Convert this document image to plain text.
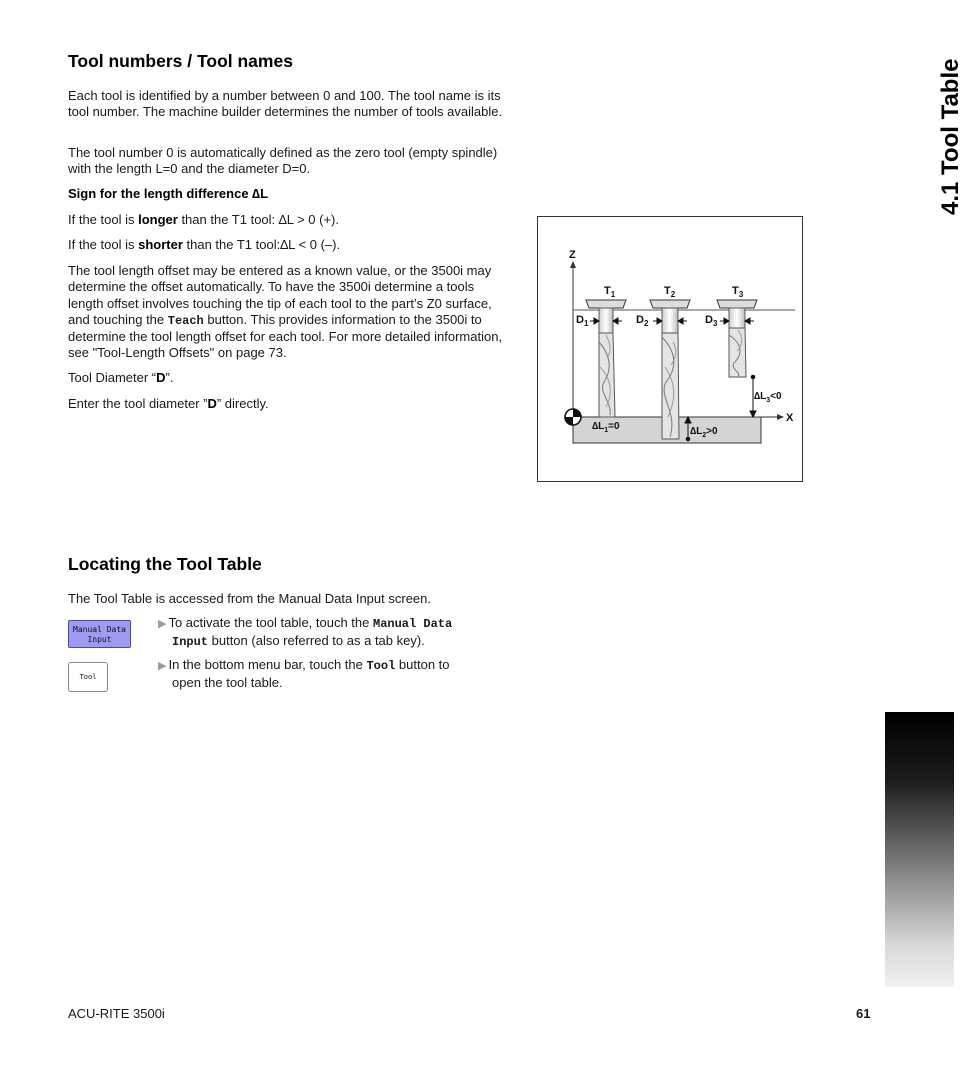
Tool numbers / Tool names

Each tool is identified by a number between 0 and 100. The tool name is its tool number. The machine builder determines the number of tools available.

The tool number 0 is automatically defined as the zero tool (empty spindle) with the length L=0 and the diameter D=0.

Sign for the length difference ∆L

If the tool is longer than the T1 tool: ∆L > 0 (+).

If the tool is shorter than the T1 tool:∆L < 0 (–).

The tool length offset may be entered as a known value, or the 3500i may determine the offset automatically. To have the 3500i determine a tools length offset involves touching the tip of each tool to the part’s Z0 surface, and touching the Teach button. This provides information to the 3500i to determine the tool length offset for each tool. For more detailed information, see "Tool-Length Offsets" on page 73.

Tool Diameter “D”.

Enter the tool diameter ”D” directly.

Z
X
$T_1$	$T_2$	$T_3$
$D_1$	$D_2$	$D_3$
$\Delta L_1=0$	$\Delta L_2>0$
$\Delta L_3<0$
Locating the Tool Table

The Tool Table is accessed from the Manual Data Input screen.

Manual Data
Input
Tool
▶ To activate the tool table, touch the Manual Data
Input button (also referred to as a tab key).
▶ In the bottom menu bar, touch the Tool button to
open the tool table.
4.1 Tool Table
ACU-RITE 3500i	61
